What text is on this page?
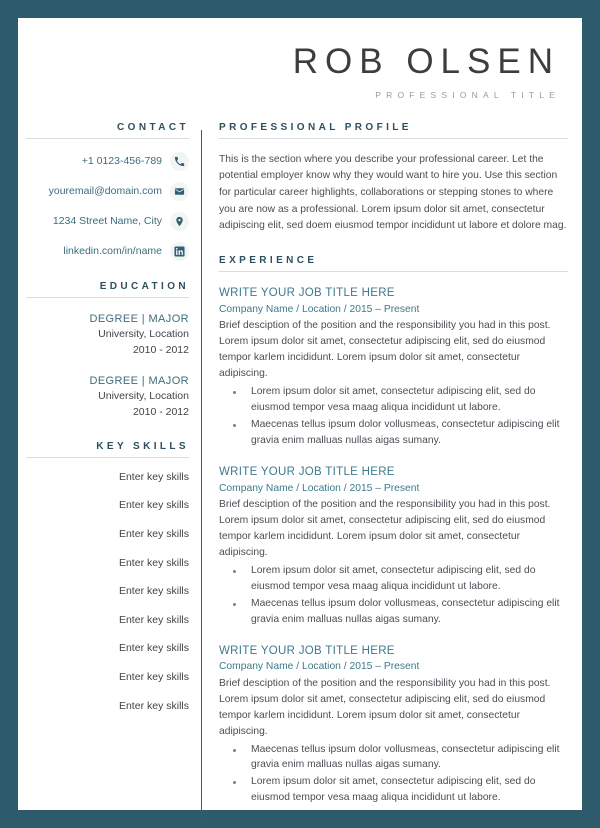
ROB OLSEN
PROFESSIONAL TITLE
CONTACT
+1 0123-456-789
youremail@domain.com
1234 Street Name, City
linkedin.com/in/name
EDUCATION
DEGREE | MAJOR
University, Location
2010 - 2012
DEGREE | MAJOR
University, Location
2010 - 2012
KEY SKILLS
Enter key skills
Enter key skills
Enter key skills
Enter key skills
Enter key skills
Enter key skills
Enter key skills
Enter key skills
Enter key skills
PROFESSIONAL PROFILE
This is the section where you describe your professional career. Let the potential employer know why they would want to hire you. Use this section for particular career highlights, collaborations or stepping stones to where you are now as a professional. Lorem ipsum dolor sit amet, consectetur adipiscing elit, sed doem eiusmod tempor incididunt ut labore et dolore mag.
EXPERIENCE
WRITE YOUR JOB TITLE HERE
Company Name / Location / 2015 – Present
Brief desciption of the position and the responsibility you had in this post. Lorem ipsum dolor sit amet, consectetur adipiscing elit, sed do eiusmod tempor karlem incididunt. Lorem ipsum dolor sit amet, consectetur adipiscing.
Lorem ipsum dolor sit amet, consectetur adipiscing elit, sed do eiusmod tempor vesa maag aliqua incididunt ut labore.
Maecenas tellus ipsum dolor vollusmeas, consectetur adipiscing elit gravia enim malluas nullas aigas sumany.
WRITE YOUR JOB TITLE HERE
Company Name / Location / 2015 – Present
Brief desciption of the position and the responsibility you had in this post. Lorem ipsum dolor sit amet, consectetur adipiscing elit, sed do eiusmod tempor karlem incididunt. Lorem ipsum dolor sit amet, consectetur adipiscing.
Lorem ipsum dolor sit amet, consectetur adipiscing elit, sed do eiusmod tempor vesa maag aliqua incididunt ut labore.
Maecenas tellus ipsum dolor vollusmeas, consectetur adipiscing elit gravia enim malluas nullas aigas sumany.
WRITE YOUR JOB TITLE HERE
Company Name / Location / 2015 – Present
Brief desciption of the position and the responsibility you had in this post. Lorem ipsum dolor sit amet, consectetur adipiscing elit, sed do eiusmod tempor karlem incididunt. Lorem ipsum dolor sit amet, consectetur adipiscing.
Maecenas tellus ipsum dolor vollusmeas, consectetur adipiscing elit gravia enim malluas nullas aigas sumany.
Lorem ipsum dolor sit amet, consectetur adipiscing elit, sed do eiusmod tempor vesa maag aliqua incididunt ut labore.
